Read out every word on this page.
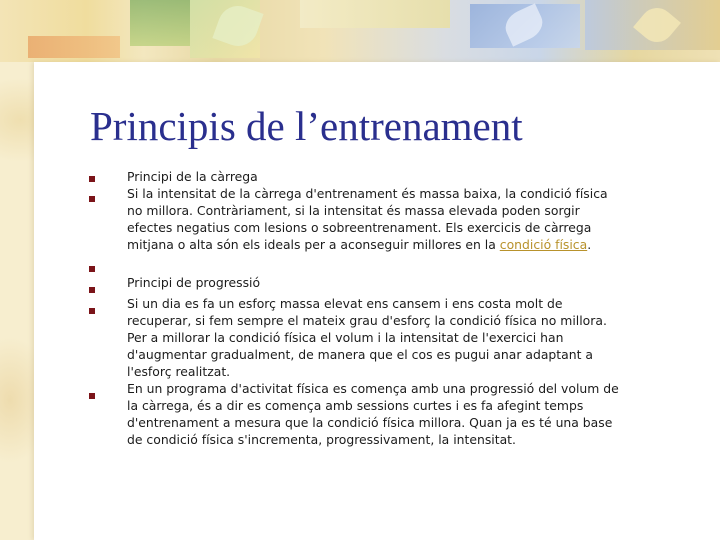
Principis de l’entrenament
Principi de la càrrega
Si la intensitat de la càrrega d'entrenament és massa baixa, la condició física
no millora. Contràriament, si la intensitat és massa elevada poden sorgir
efectes negatius com lesions o sobreentrenament. Els exercicis de càrrega
mitjana o alta són els ideals per a aconseguir millores en la condició física.
Principi de progressió
Si un dia es fa un esforç massa elevat ens cansem i ens costa molt de
recuperar, si fem sempre el mateix grau d'esforç la condició física no millora.
Per a millorar la condició física el volum i la intensitat de l'exercici han
d'augmentar gradualment, de manera que el cos es pugui anar adaptant a
l'esforç realitzat.
En un programa d'activitat física es comença amb una progressió del volum de
la càrrega, és a dir es comença amb sessions curtes i es fa afegint temps
d'entrenament a mesura que la condició física millora. Quan ja es té una base
de condició física s'incrementa, progressivament, la intensitat.
